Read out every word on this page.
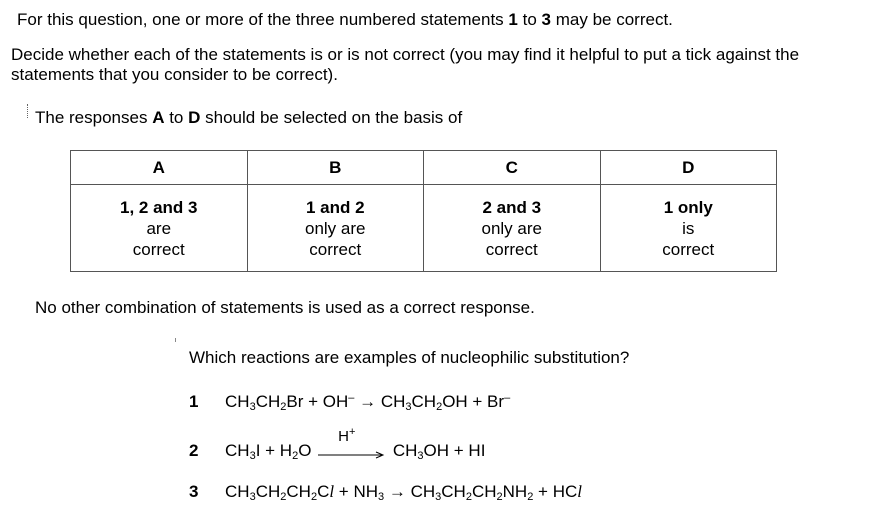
For this question, one or more of the three numbered statements 1 to 3 may be correct.
Decide whether each of the statements is or is not correct (you may find it helpful to put a tick against the statements that you consider to be correct).
The responses A to D should be selected on the basis of
A	B	C	D

1, 2 and 3
are
correct	1 and 2
only are
correct	2 and 3
only are
correct	1 only
is
correct
No other combination of statements is used as a correct response.
Which reactions are examples of nucleophilic substitution?
1 $CH_3CH_2Br + OH^- \to CH_3CH_2OH + Br^-$
2 $CH_3I + H_2O$
H+
$CH_3OH$ + HI
3 $CH_3CH_2CH_2Cl + NH_3 \to CH_3CH_2CH_2NH_2$ + HCl
